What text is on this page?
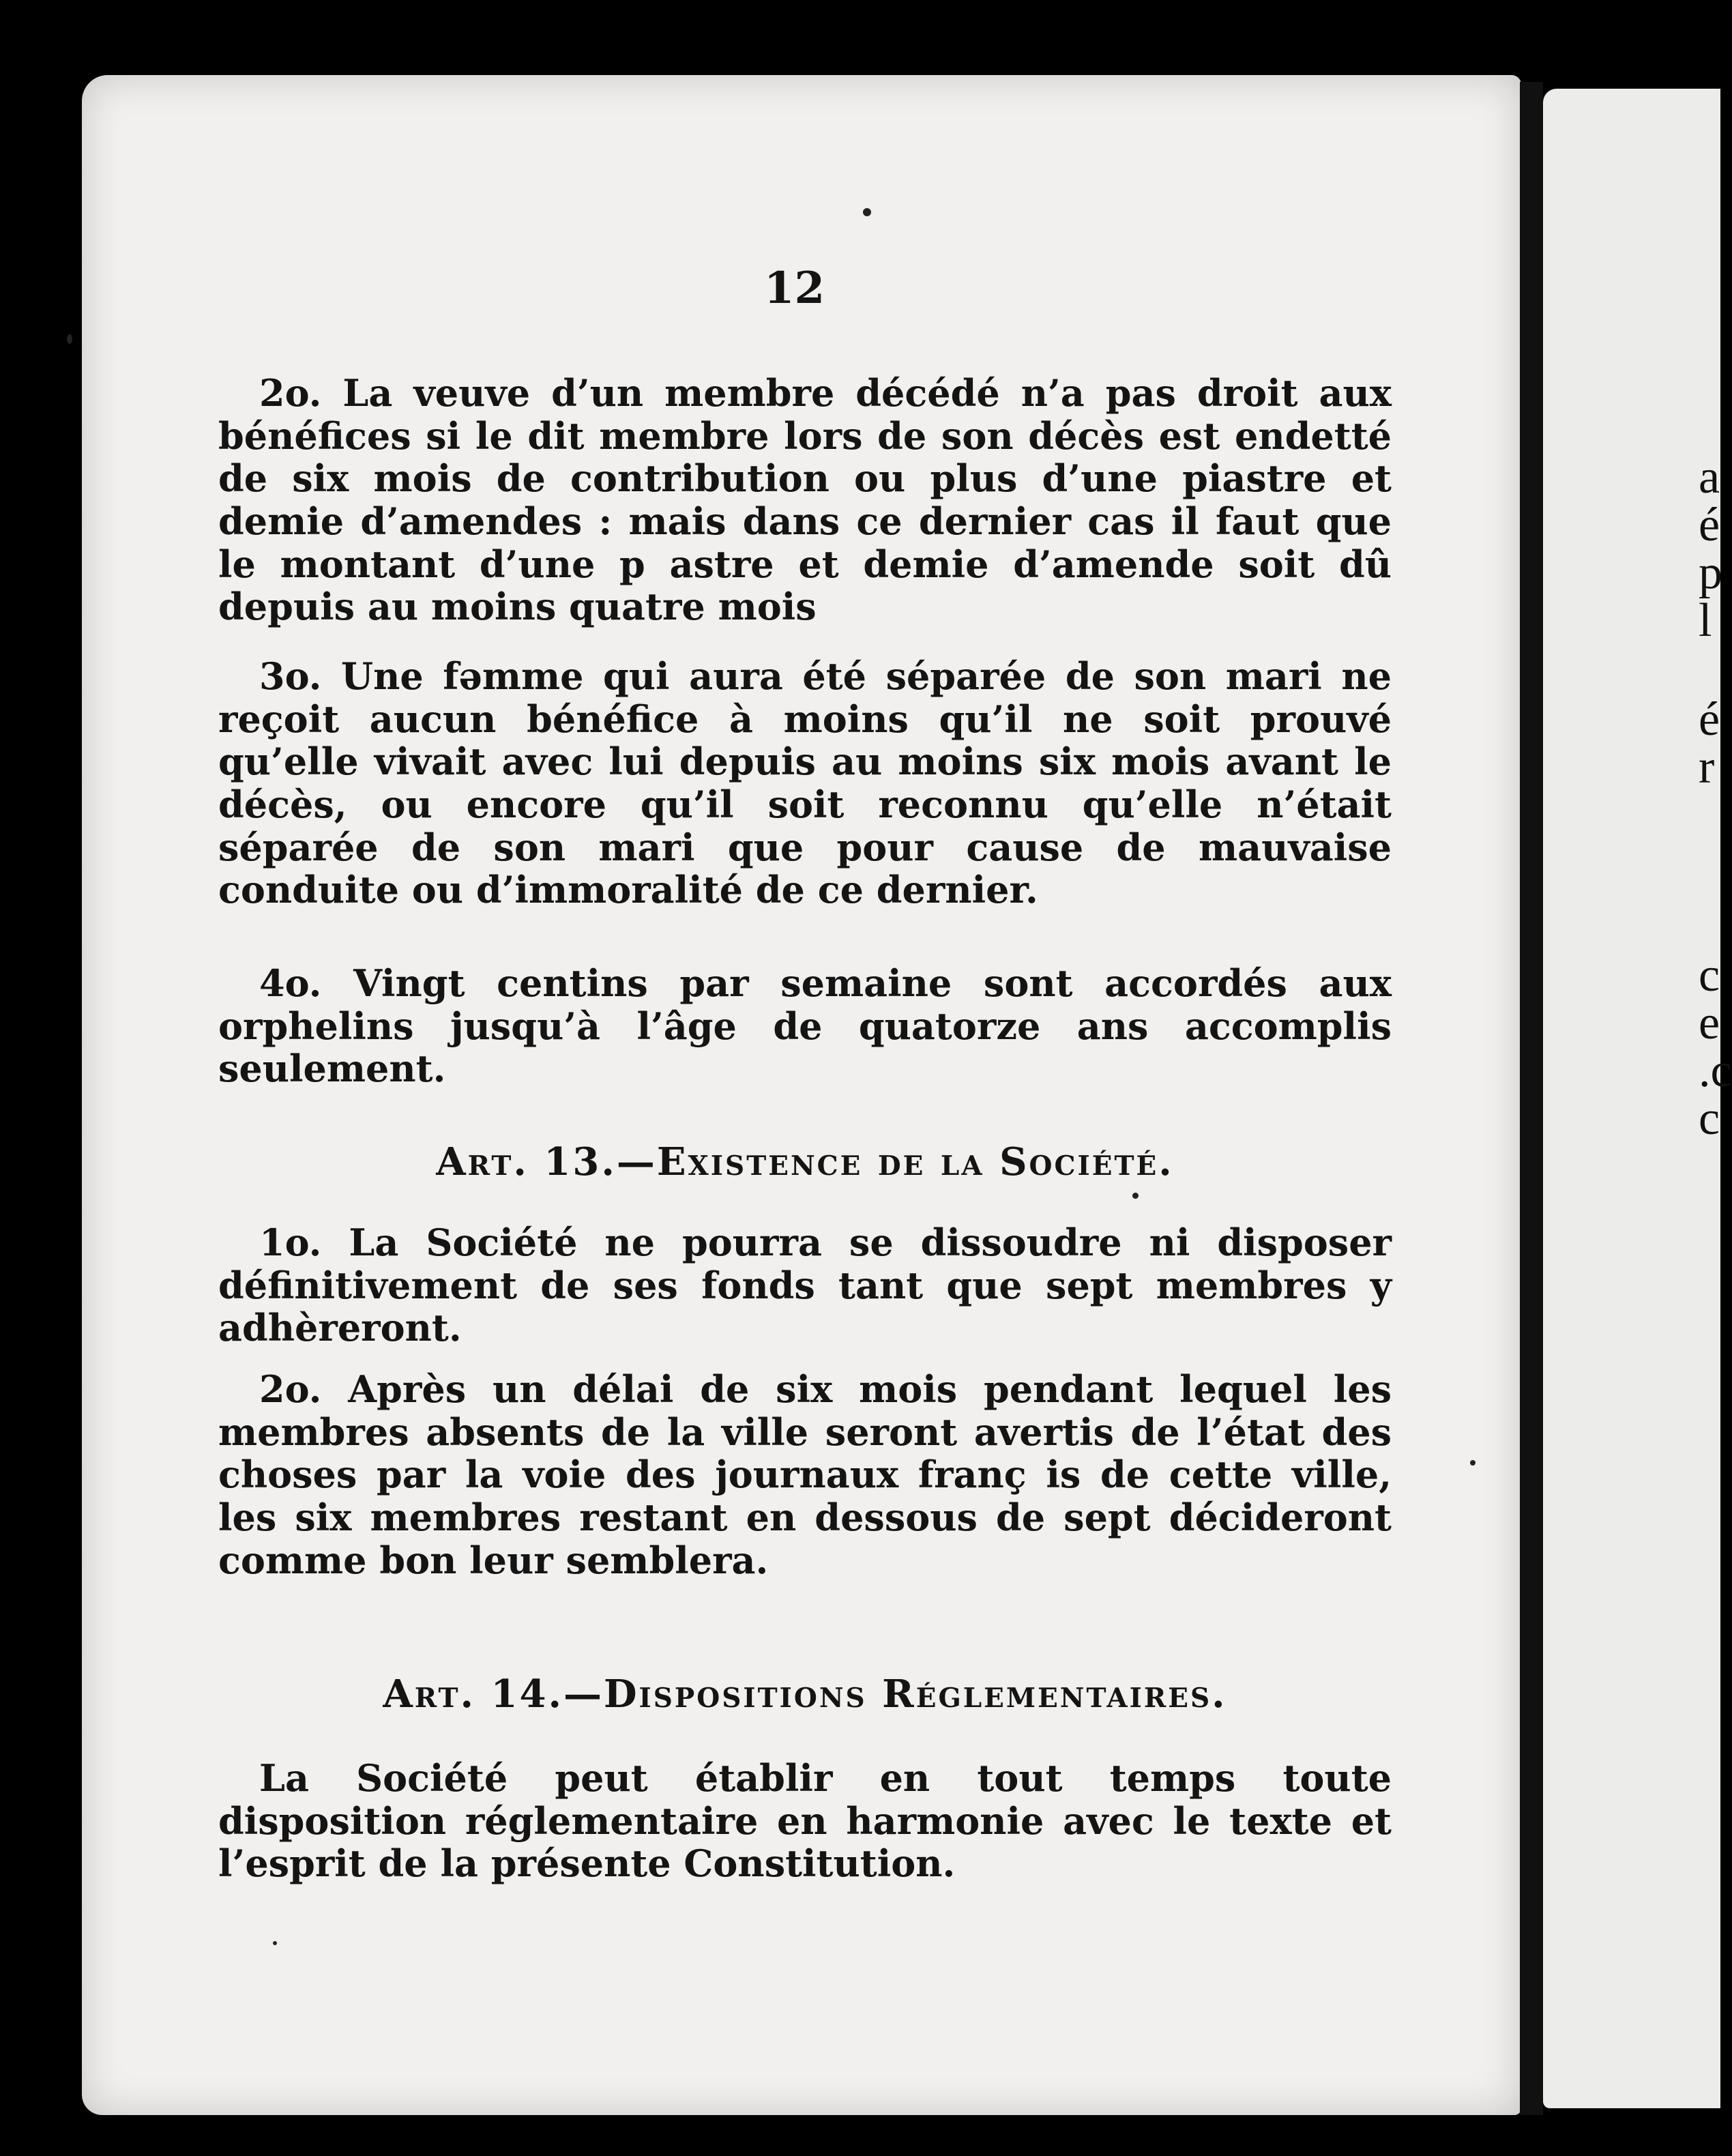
a
é
p
l
é
r
c
e
.c
c
12

2o. La veuve d’un membre décédé n’a pas droit aux bénéfices si le dit membre lors de son décès est endetté de six mois de contribution ou plus d’une piastre et demie d’amendes : mais dans ce dernier cas il faut que le montant d’une p astre et demie d’amende soit dû depuis au moins quatre mois

3o. Une fəmme qui aura été séparée de son mari ne reçoit aucun bénéfice à moins qu’il ne soit prouvé qu’elle vivait avec lui depuis au moins six mois avant le décès, ou encore qu’il soit reconnu qu’elle n’était séparée de son mari que pour cause de mauvaise conduite ou d’immoralité de ce dernier.

4o. Vingt centins par semaine sont accordés aux orphelins jusqu’à l’âge de quatorze ans accomplis seulement.

Art. 13.—Existence de la Société.

1o. La Société ne pourra se dissoudre ni disposer définitivement de ses fonds tant que sept membres y adhèreront.

2o. Après un délai de six mois pendant lequel les membres absents de la ville seront avertis de l’état des choses par la voie des journaux franç is de cette ville, les six membres restant en dessous de sept décideront comme bon leur semblera.

Art. 14.—Dispositions Réglementaires.

La Société peut établir en tout temps toute disposition réglementaire en harmonie avec le texte et l’esprit de la présente Constitution.
